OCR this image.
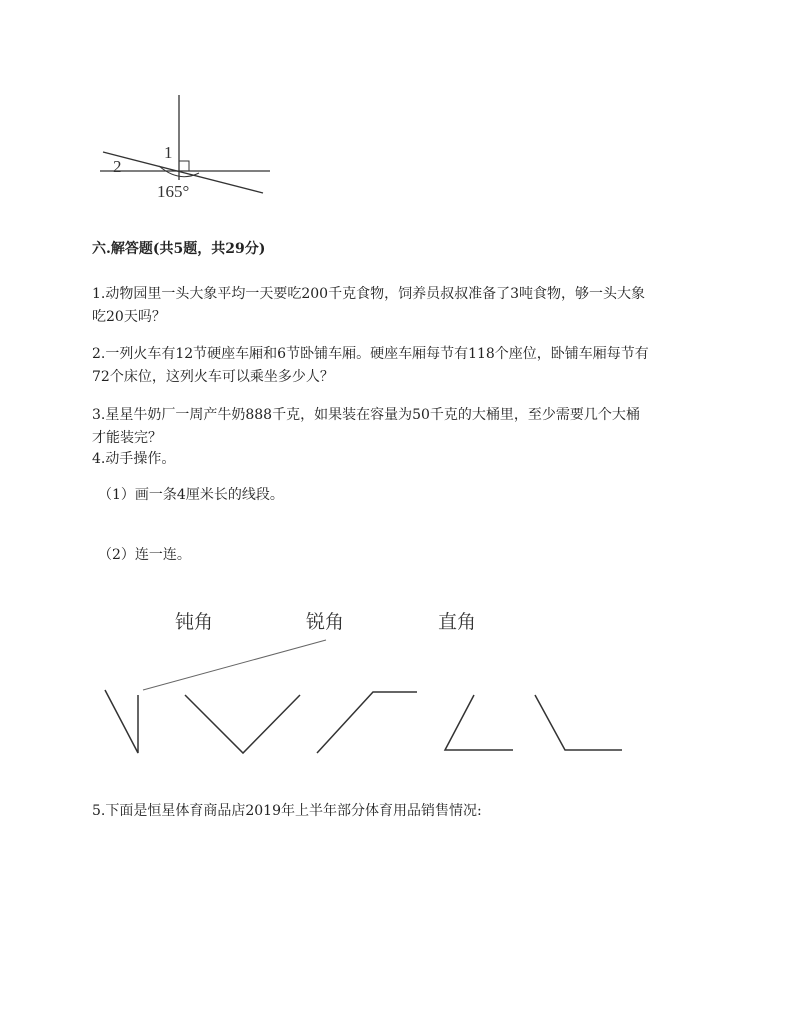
1
2
165°
六.解答题(共5题，共29分)
1.动物园里一头大象平均一天要吃200千克食物，饲养员叔叔准备了3吨食物，够一头大象
吃20天吗？
2.一列火车有12节硬座车厢和6节卧铺车厢。硬座车厢每节有118个座位，卧铺车厢每节有
72个床位，这列火车可以乘坐多少人？
3.星星牛奶厂一周产牛奶888千克，如果装在容量为50千克的大桶里，至少需要几个大桶
才能装完？
4.动手操作。
（1）画一条4厘米长的线段。
（2）连一连。
钝角	锐角	直角
5.下面是恒星体育商品店2019年上半年部分体育用品销售情况:
